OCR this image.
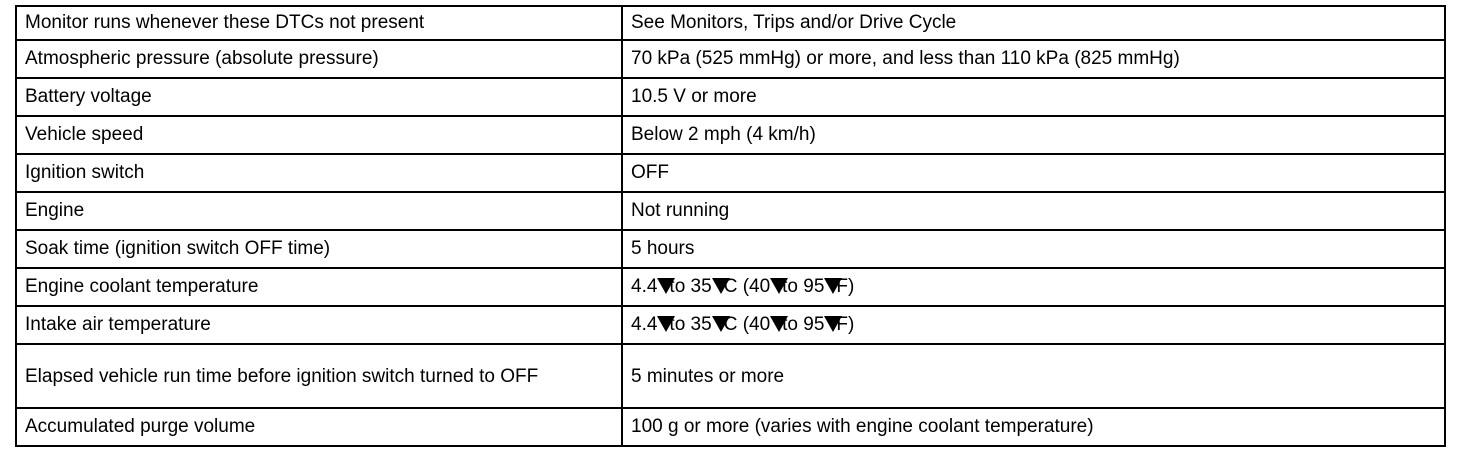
Monitor runs whenever these DTCs not present	See Monitors, Trips and/or Drive Cycle
Atmospheric pressure (absolute pressure)	70 kPa (525 mmHg) or more, and less than 110 kPa (825 mmHg)
Battery voltage	10.5 V or more
Vehicle speed	Below 2 mph (4 km/h)
Ignition switch	OFF
Engine	Not running
Soak time (ignition switch OFF time)	5 hours
Engine coolant temperature	4.4 to 35 C (40 to 95 F)
Intake air temperature	4.4 to 35 C (40 to 95 F)
Elapsed vehicle run time before ignition switch turned to OFF	5 minutes or more
Accumulated purge volume	100 g or more (varies with engine coolant temperature)
